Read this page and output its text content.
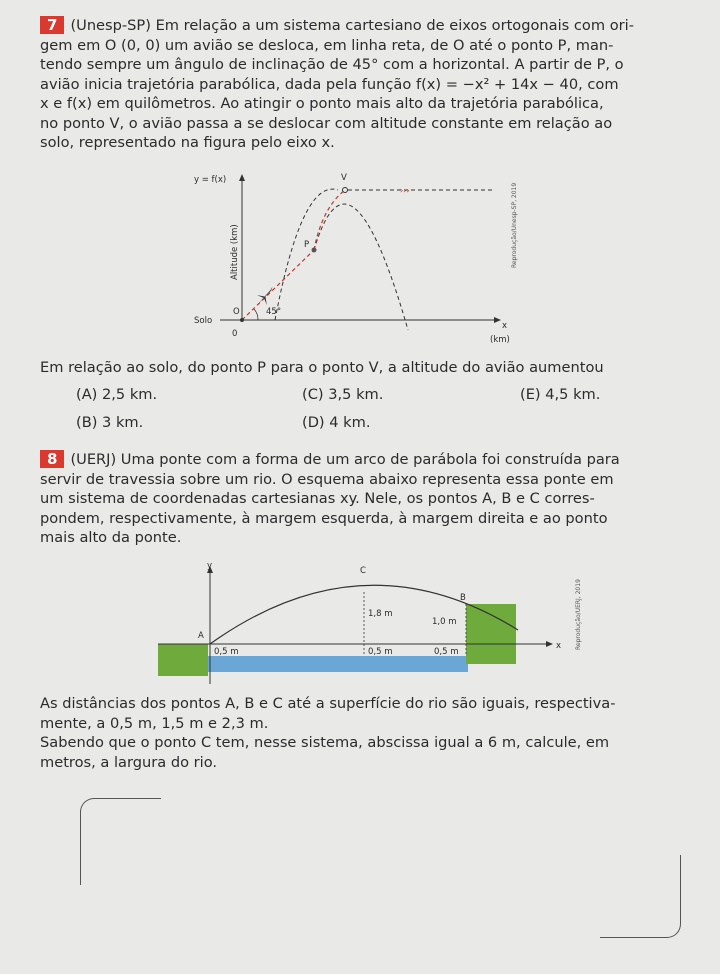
7 (Unesp-SP) Em relação a um sistema cartesiano de eixos ortogonais com ori-
gem em O (0, 0) um avião se desloca, em linha reta, de O até o ponto P, man-
tendo sempre um ângulo de inclinação de 45° com a horizontal. A partir de P, o
avião inicia trajetória parabólica, dada pela função f(x) = −x² + 14x − 40, com
x e f(x) em quilômetros. Ao atingir o ponto mais alto da trajetória parabólica,
no ponto V, o avião passa a se deslocar com altitude constante em relação ao
solo, representado na figura pelo eixo x.

y = f(x)
Altitude (km)
Solo
O
0
x
(km)
45°
P
V
›››	Reprodução/Unesp-SP, 2019

Em relação ao solo, do ponto P para o ponto V, a altitude do avião aumentou

(A) 2,5 km.	(C) 3,5 km.	(E) 4,5 km.
(B) 3 km.	(D) 4 km.

8 (UERJ) Uma ponte com a forma de um arco de parábola foi construída para
servir de travessia sobre um rio. O esquema abaixo representa essa ponte em
um sistema de coordenadas cartesianas xy. Nele, os pontos A, B e C corres-
pondem, respectivamente, à margem esquerda, à margem direita e ao ponto
mais alto da ponte.

y
x
C
B
A
1,8 m
1,0 m
0,5 m	0,5 m	0,5 m
Reprodução/UERJ, 2019

As distâncias dos pontos A, B e C até a superfície do rio são iguais, respectiva-
mente, a 0,5 m, 1,5 m e 2,3 m.
Sabendo que o ponto C tem, nesse sistema, abscissa igual a 6 m, calcule, em
metros, a largura do rio.
